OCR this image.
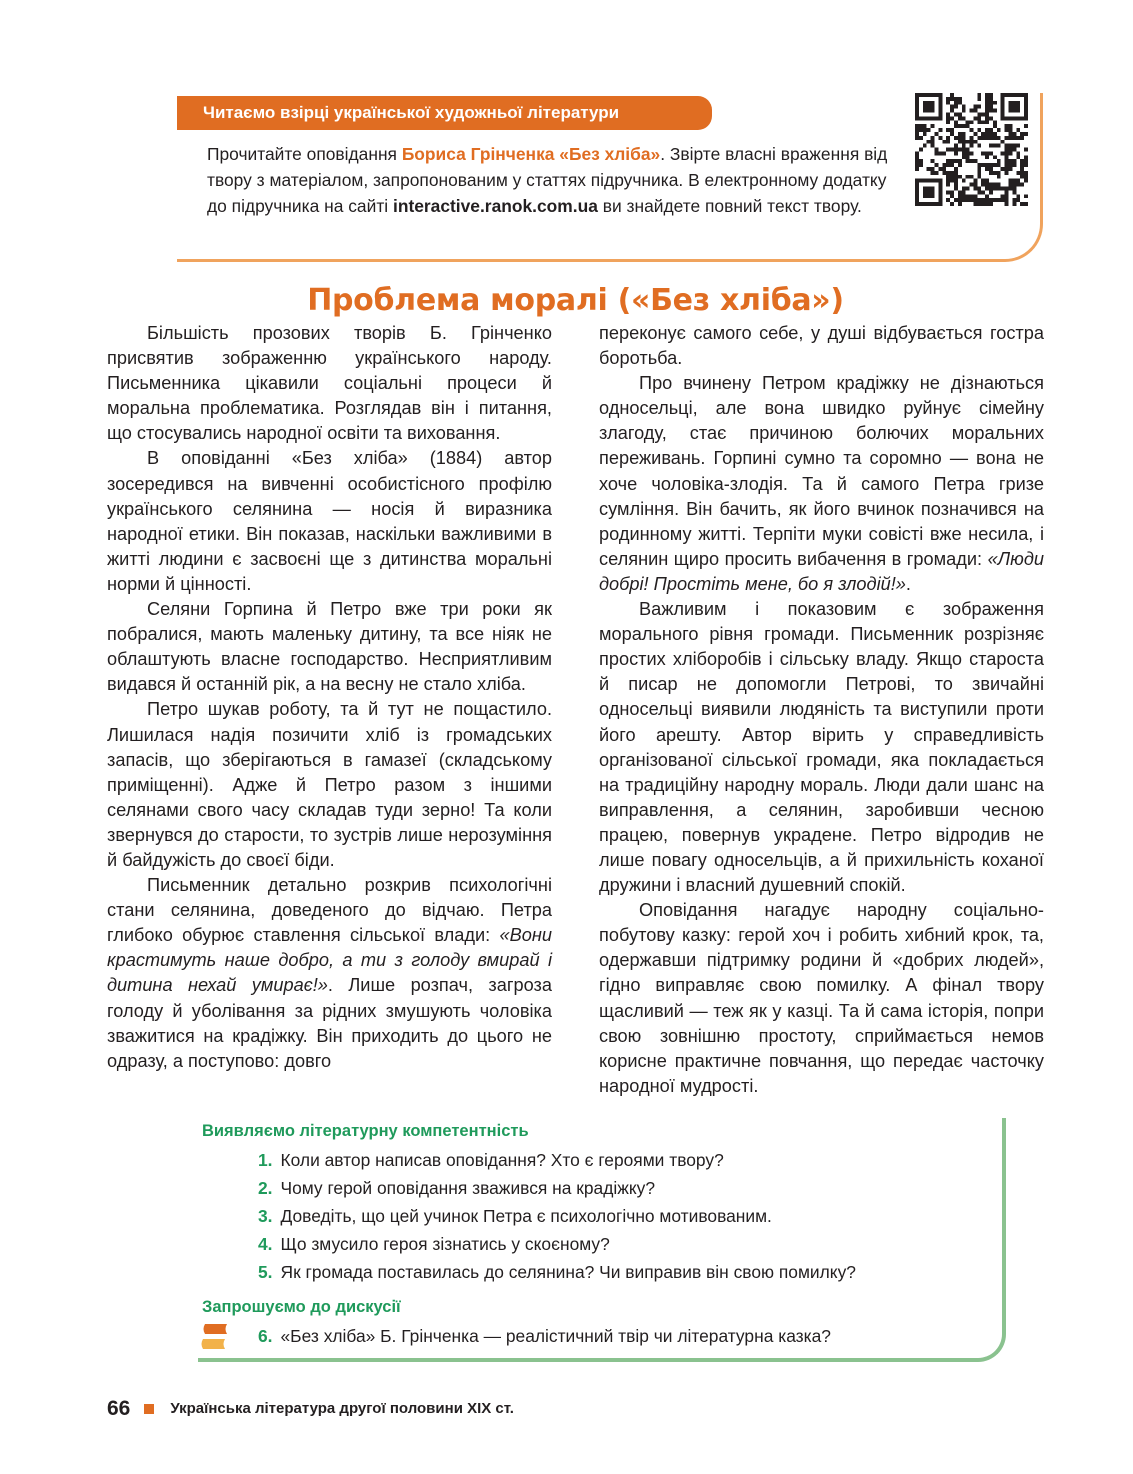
Читаємо взірці української художньої літератури
Прочитайте оповідання Бориса Грінченка «Без хліба». Звірте власні враження від твору з матеріалом, запропонованим у статтях підручника. В електронному додатку до підручника на сайті interactive.ranok.com.ua ви знайдете повний текст твору.
Проблема моралі («Без хліба»)

Більшість прозових творів Б. Грінченко присвятив зображенню українського народу. Письменника цікавили соціальні процеси й моральна проблематика. Розглядав він і питання, що стосувались народної освіти та виховання.

В оповіданні «Без хліба» (1884) автор зосередився на вивченні особистісного профілю українського селянина — носія й виразника народної етики. Він показав, наскільки важливими в житті людини є засвоєні ще з дитинства моральні норми й цінності.

Селяни Горпина й Петро вже три роки як побралися, мають маленьку дитину, та все ніяк не облаштують власне господарство. Несприятливим видався й останній рік, а на весну не стало хліба.

Петро шукав роботу, та й тут не пощастило. Лишилася надія позичити хліб із громадських запасів, що зберігаються в гамазеї (складському приміщенні). Адже й Петро разом з іншими селянами свого часу складав туди зерно! Та коли звернувся до старости, то зустрів лише нерозуміння й байдужість до своєї біди.

Письменник детально розкрив психологічні стани селянина, доведеного до відчаю. Петра глибоко обурює ставлення сільської влади: «Вони крастимуть наше добро, а ти з голоду вмирай і дитина нехай умирає!». Лише розпач, загроза голоду й уболівання за рідних змушують чоловіка зважитися на крадіжку. Він приходить до цього не одразу, а поступово: довго

переконує самого себе, у душі відбувається гостра боротьба.

Про вчинену Петром крадіжку не дізнаються односельці, але вона швидко руйнує сімейну злагоду, стає причиною болючих моральних переживань. Горпині сумно та соромно — вона не хоче чоловіка-злодія. Та й самого Петра гризе сумління. Він бачить, як його вчинок позначився на родинному житті. Терпіти муки совісті вже несила, і селянин щиро просить вибачення в громади: «Люди добрі! Простіть мене, бо я злодій!».

Важливим і показовим є зображення морального рівня громади. Письменник розрізняє простих хліборобів і сільську владу. Якщо староста й писар не допомогли Петрові, то звичайні односельці виявили людяність та виступили проти його арешту. Автор вірить у справедливість організованої сільської громади, яка покладається на традиційну народну мораль. Люди дали шанс на виправлення, а селянин, заробивши чесною працею, повернув украдене. Петро відродив не лише повагу односельців, а й прихильність коханої дружини і власний душевний спокій.

Оповідання нагадує народну соціально-побутову казку: герой хоч і робить хибний крок, та, одержавши підтримку родини й «добрих людей», гідно виправляє свою помилку. А фінал твору щасливий — теж як у казці. Та й сама історія, попри свою зовнішню простоту, сприймається немов корисне практичне повчання, що передає часточку народної мудрості.

Виявляємо літературну компетентність
1. Коли автор написав оповідання? Хто є героями твору?
2. Чому герой оповідання зважився на крадіжку?
3. Доведіть, що цей учинок Петра є психологічно мотивованим.
4. Що змусило героя зізнатись у скоєному?
5. Як громада поставилась до селянина? Чи виправив він свою помилку?
Запрошуємо до дискусії
6. «Без хліба» Б. Грінченка — реалістичний твір чи літературна казка?
66	Українська література другої половини XIX ст.
